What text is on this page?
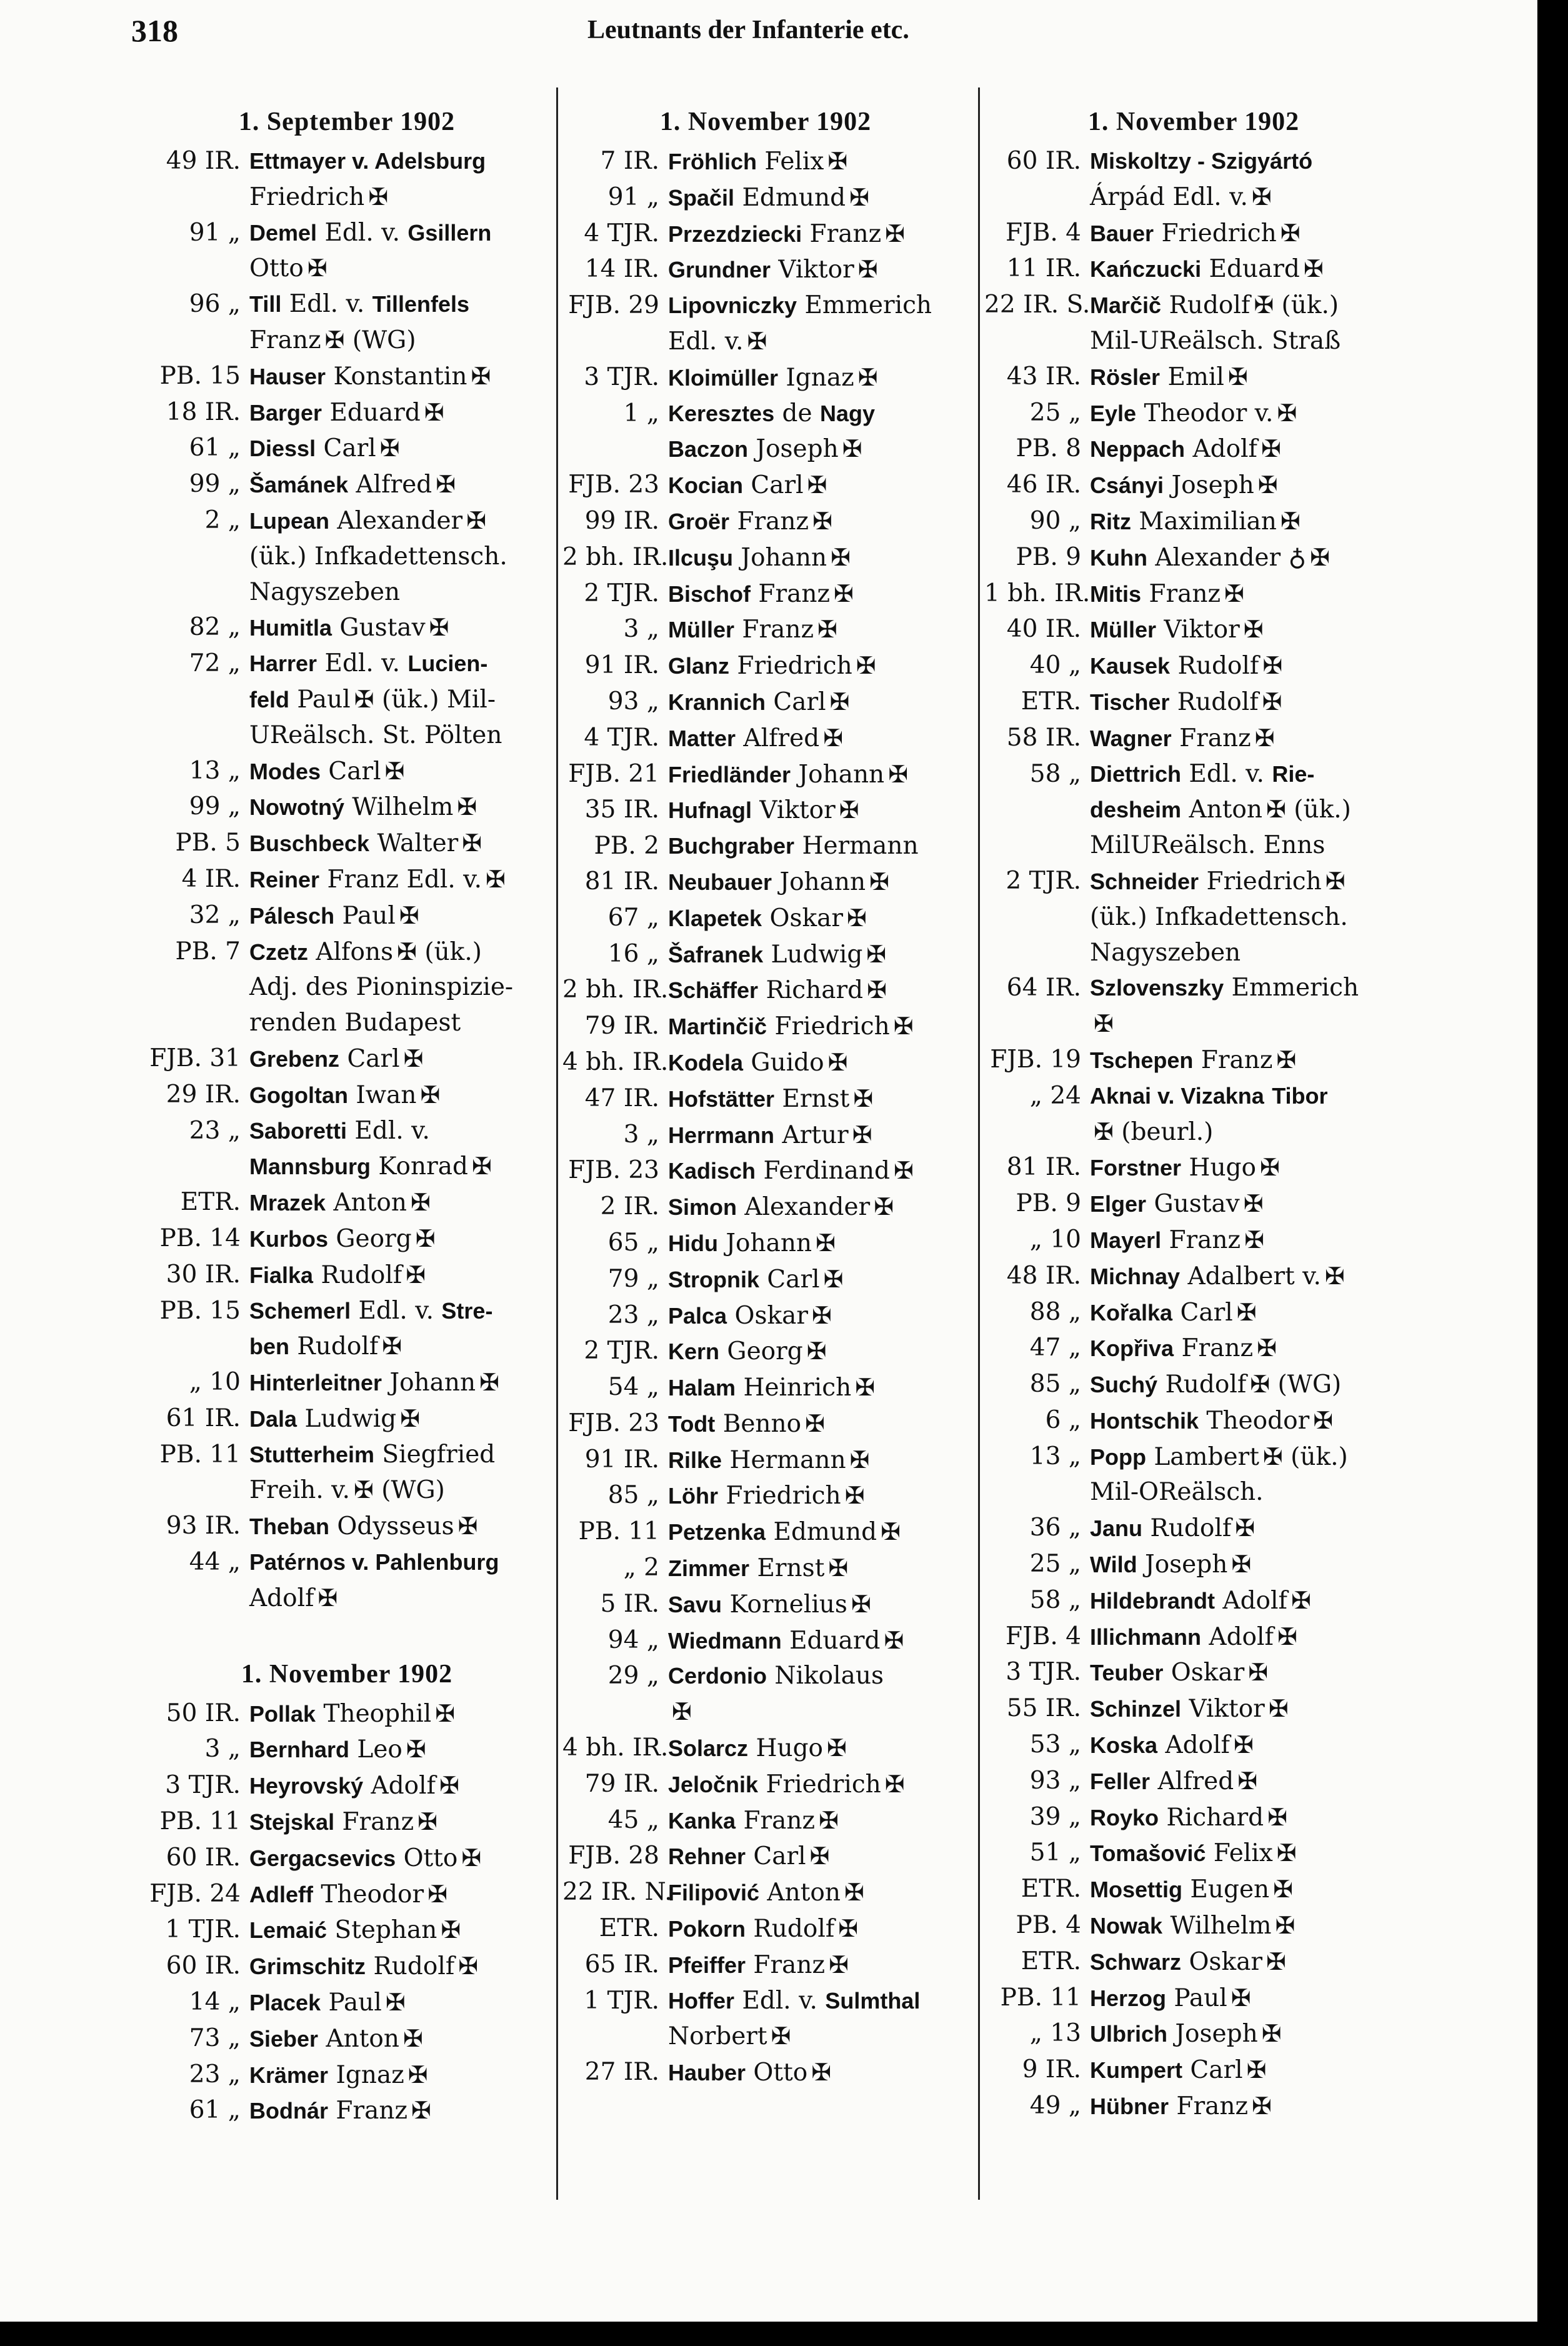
318	Leutnants der Infanterie etc.
1. September 1902
49 IR. Ettmayer v. Adelsburg
Friedrich ✠
91 „ Demel Edl. v. Gsillern
Otto ✠
96 „ Till Edl. v. Tillenfels
Franz ✠ (WG)
PB. 15 Hauser Konstantin ✠
18 IR. Barger Eduard ✠
61 „ Diessl Carl ✠
99 „ Šamánek Alfred ✠
2 „ Lupean Alexander ✠
(ük.) Infkadettensch.
Nagyszeben
82 „ Humitla Gustav ✠
72 „ Harrer Edl. v. Lucien-
feld Paul ✠ (ük.) Mil-
UReälsch. St. Pölten
13 „ Modes Carl ✠
99 „ Nowotný Wilhelm ✠
PB. 5 Buschbeck Walter ✠
4 IR. Reiner Franz Edl. v. ✠
32 „ Pálesch Paul ✠
PB. 7 Czetz Alfons ✠ (ük.)
Adj. des Pioninspizie-
renden Budapest
FJB. 31 Grebenz Carl ✠
29 IR. Gogoltan Iwan ✠
23 „ Saboretti Edl. v.
Mannsburg Konrad ✠
ETR. Mrazek Anton ✠
PB. 14 Kurbos Georg ✠
30 IR. Fialka Rudolf ✠
PB. 15 Schemerl Edl. v. Stre-
ben Rudolf ✠
„ 10 Hinterleitner Johann ✠
61 IR. Dala Ludwig ✠
PB. 11 Stutterheim Siegfried
Freih. v. ✠ (WG)
93 IR. Theban Odysseus ✠
44 „ Patérnos v. Pahlenburg
Adolf ✠
1. November 1902
50 IR. Pollak Theophil ✠
3 „ Bernhard Leo ✠
3 TJR. Heyrovský Adolf ✠
PB. 11 Stejskal Franz ✠
60 IR. Gergacsevics Otto ✠
FJB. 24 Adleff Theodor ✠
1 TJR. Lemaić Stephan ✠
60 IR. Grimschitz Rudolf ✠
14 „ Placek Paul ✠
73 „ Sieber Anton ✠
23 „ Krämer Ignaz ✠
61 „ Bodnár Franz ✠
1. November 1902
7 IR. Fröhlich Felix ✠
91 „ Spačil Edmund ✠
4 TJR. Przezdziecki Franz ✠
14 IR. Grundner Viktor ✠
FJB. 29 Lipovniczky Emmerich
Edl. v. ✠
3 TJR. Kloimüller Ignaz ✠
1 „ Keresztes de Nagy
Baczon Joseph ✠
FJB. 23 Kocian Carl ✠
99 IR. Groër Franz ✠
2 bh. IR. Ilcuşu Johann ✠
2 TJR. Bischof Franz ✠
3 „ Müller Franz ✠
91 IR. Glanz Friedrich ✠
93 „ Krannich Carl ✠
4 TJR. Matter Alfred ✠
FJB. 21 Friedländer Johann ✠
35 IR. Hufnagl Viktor ✠
PB. 2 Buchgraber Hermann
81 IR. Neubauer Johann ✠
67 „ Klapetek Oskar ✠
16 „ Šafranek Ludwig ✠
2 bh. IR. Schäffer Richard ✠
79 IR. Martinčič Friedrich ✠
4 bh. IR. Kodela Guido ✠
47 IR. Hofstätter Ernst ✠
3 „ Herrmann Artur ✠
FJB. 23 Kadisch Ferdinand ✠
2 IR. Simon Alexander ✠
65 „ Hidu Johann ✠
79 „ Stropnik Carl ✠
23 „ Palca Oskar ✠
2 TJR. Kern Georg ✠
54 „ Halam Heinrich ✠
FJB. 23 Todt Benno ✠
91 IR. Rilke Hermann ✠
85 „ Löhr Friedrich ✠
PB. 11 Petzenka Edmund ✠
„ 2 Zimmer Ernst ✠
5 IR. Savu Kornelius ✠
94 „ Wiedmann Eduard ✠
29 „ Cerdonio Nikolaus
✠
4 bh. IR. Solarcz Hugo ✠
79 IR. Jeločnik Friedrich ✠
45 „ Kanka Franz ✠
FJB. 28 Rehner Carl ✠
22 IR. N.
Filipović Anton ✠
ETR. Pokorn Rudolf ✠
65 IR. Pfeiffer Franz ✠
1 TJR. Hoffer Edl. v. Sulmthal
Norbert ✠
27 IR. Hauber Otto ✠
1. November 1902
60 IR. Miskoltzy - Szigyártó
Árpád Edl. v. ✠
FJB. 4 Bauer Friedrich ✠
11 IR. Kańczucki Eduard ✠
22 IR. S. Marčič Rudolf ✠ (ük.)
Mil-UReälsch. Straß
43 IR. Rösler Emil ✠
25 „ Eyle Theodor v. ✠
PB. 8 Neppach Adolf ✠
46 IR. Csányi Joseph ✠
90 „ Ritz Maximilian ✠
PB. 9 Kuhn Alexander ♁ ✠
1 bh. IR. Mitis Franz ✠
40 IR. Müller Viktor ✠
40 „ Kausek Rudolf ✠
ETR. Tischer Rudolf ✠
58 IR. Wagner Franz ✠
58 „ Diettrich Edl. v. Rie-
desheim Anton ✠ (ük.)
MilUReälsch. Enns
2 TJR. Schneider Friedrich ✠
(ük.) Infkadettensch.
Nagyszeben
64 IR. Szlovenszky Emmerich
✠
FJB. 19 Tschepen Franz ✠
„ 24 Aknai v. Vizakna Tibor
✠ (beurl.)
81 IR. Forstner Hugo ✠
PB. 9 Elger Gustav ✠
„ 10 Mayerl Franz ✠
48 IR. Michnay Adalbert v. ✠
88 „ Kořalka Carl ✠
47 „ Kopřiva Franz ✠
85 „ Suchý Rudolf ✠ (WG)
6 „ Hontschik Theodor ✠
13 „ Popp Lambert ✠ (ük.)
Mil-OReälsch.
36 „ Janu Rudolf ✠
25 „ Wild Joseph ✠
58 „ Hildebrandt Adolf ✠
FJB. 4 Illichmann Adolf ✠
3 TJR. Teuber Oskar ✠
55 IR. Schinzel Viktor ✠
53 „ Koska Adolf ✠
93 „ Feller Alfred ✠
39 „ Royko Richard ✠
51 „ Tomašović Felix ✠
ETR. Mosettig Eugen ✠
PB. 4 Nowak Wilhelm ✠
ETR. Schwarz Oskar ✠
PB. 11 Herzog Paul ✠
„ 13 Ulbrich Joseph ✠
9 IR. Kumpert Carl ✠
49 „ Hübner Franz ✠
